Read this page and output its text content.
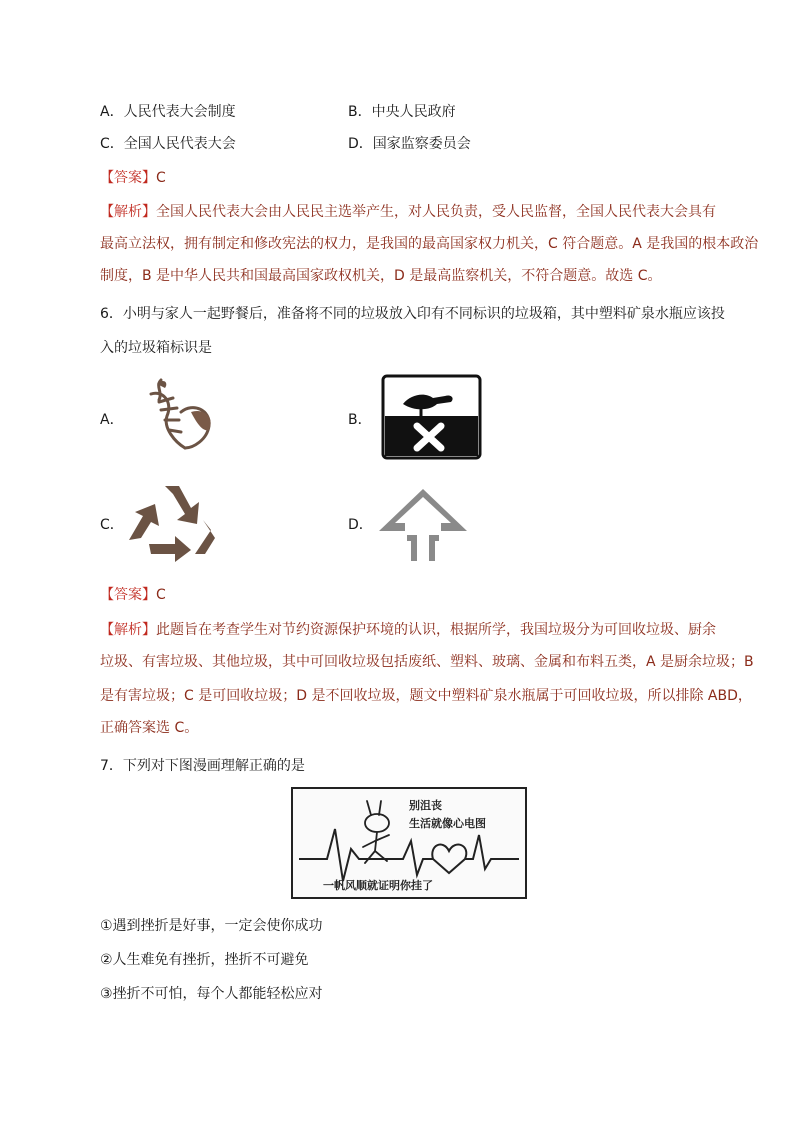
A．人民代表大会制度	B．中央人民政府
C．全国人民代表大会	D．国家监察委员会
【答案】C
【解析】全国人民代表大会由人民民主选举产生，对人民负责，受人民监督，全国人民代表大会具有
最高立法权，拥有制定和修改宪法的权力，是我国的最高国家权力机关，C 符合题意。A 是我国的根本政治
制度，B 是中华人民共和国最高国家政权机关，D 是最高监察机关，不符合题意。故选 C。
6．小明与家人一起野餐后，准备将不同的垃圾放入印有不同标识的垃圾箱，其中塑料矿泉水瓶应该投
入的垃圾箱标识是
A．	B．
C．	D．
【答案】C
【解析】此题旨在考查学生对节约资源保护环境的认识，根据所学，我国垃圾分为可回收垃圾、厨余
垃圾、有害垃圾、其他垃圾，其中可回收垃圾包括废纸、塑料、玻璃、金属和布料五类，A 是厨余垃圾；B
是有害垃圾；C 是可回收垃圾；D 是不回收垃圾，题文中塑料矿泉水瓶属于可回收垃圾，所以排除 ABD，
正确答案选 C。
7．下列对下图漫画理解正确的是
别沮丧
生活就像心电图
一帆风顺就证明你挂了
①遇到挫折是好事，一定会使你成功
②人生难免有挫折，挫折不可避免
③挫折不可怕，每个人都能轻松应对
